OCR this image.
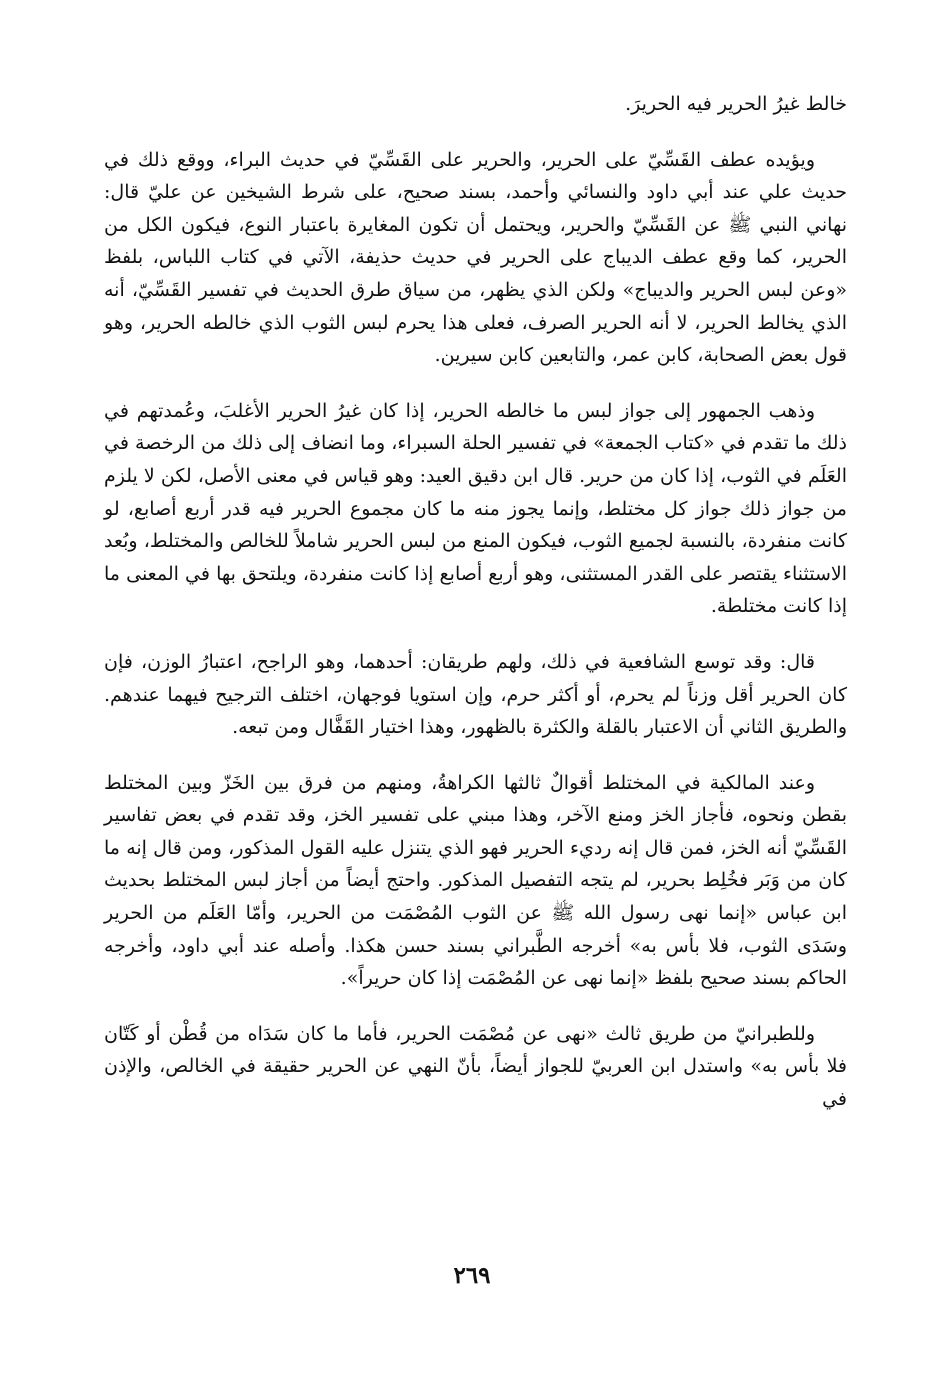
خالط غيرُ الحرير فيه الحريرَ.

ويؤيده عطف القَسِّيّ على الحرير، والحرير على القَسِّيّ في حديث البراء، ووقع ذلك في حديث علي عند أبي داود والنسائي وأحمد، بسند صحيح، على شرط الشيخين عن عليّ قال: نهاني النبي ﷺ عن القَسِّيّ والحرير، ويحتمل أن تكون المغايرة باعتبار النوع، فيكون الكل من الحرير، كما وقع عطف الديباج على الحرير في حديث حذيفة، الآتي في كتاب اللباس، بلفظ «وعن لبس الحرير والديباج» ولكن الذي يظهر، من سياق طرق الحديث في تفسير القَسِّيّ، أنه الذي يخالط الحرير، لا أنه الحرير الصرف، فعلى هذا يحرم لبس الثوب الذي خالطه الحرير، وهو قول بعض الصحابة، كابن عمر، والتابعين كابن سيرين.

وذهب الجمهور إلى جواز لبس ما خالطه الحرير، إذا كان غيرُ الحرير الأغلبَ، وعُمدتهم في ذلك ما تقدم في «كتاب الجمعة» في تفسير الحلة السبراء، وما انضاف إلى ذلك من الرخصة في العَلَم في الثوب، إذا كان من حرير. قال ابن دقيق العيد: وهو قياس في معنى الأصل، لكن لا يلزم من جواز ذلك جواز كل مختلط، وإنما يجوز منه ما كان مجموع الحرير فيه قدر أربع أصابع، لو كانت منفردة، بالنسبة لجميع الثوب، فيكون المنع من لبس الحرير شاملاً للخالص والمختلط، وبُعد الاستثناء يقتصر على القدر المستثنى، وهو أربع أصابع إذا كانت منفردة، ويلتحق بها في المعنى ما إذا كانت مختلطة.

قال: وقد توسع الشافعية في ذلك، ولهم طريقان: أحدهما، وهو الراجح، اعتبارُ الوزن، فإن كان الحرير أقل وزناً لم يحرم، أو أكثر حرم، وإن استويا فوجهان، اختلف الترجيح فيهما عندهم. والطريق الثاني أن الاعتبار بالقلة والكثرة بالظهور، وهذا اختيار القَفَّال ومن تبعه.

وعند المالكية في المختلط أقوالٌ ثالثها الكراهةُ، ومنهم من فرق بين الخَزّ وبين المختلط بقطن ونحوه، فأجاز الخز ومنع الآخر، وهذا مبني على تفسير الخز، وقد تقدم في بعض تفاسير القَسِّيّ أنه الخز، فمن قال إنه رديء الحرير فهو الذي يتنزل عليه القول المذكور، ومن قال إنه ما كان من وَبَر فخُلِط بحرير، لم يتجه التفصيل المذكور. واحتج أيضاً من أجاز لبس المختلط بحديث ابن عباس «إنما نهى رسول الله ﷺ عن الثوب المُصْمَت من الحرير، وأمّا العَلَم من الحرير وسَدَى الثوب، فلا بأس به» أخرجه الطَّبراني بسند حسن هكذا. وأصله عند أبي داود، وأخرجه الحاكم بسند صحيح بلفظ «إنما نهى عن المُصْمَت إذا كان حريراً».

وللطبرانيّ من طريق ثالث «نهى عن مُصْمَت الحرير، فأما ما كان سَدَاه من قُطْن أو كَتّان فلا بأس به» واستدل ابن العربيّ للجواز أيضاً، بأنّ النهي عن الحرير حقيقة في الخالص، والإذن في

٢٦٩
